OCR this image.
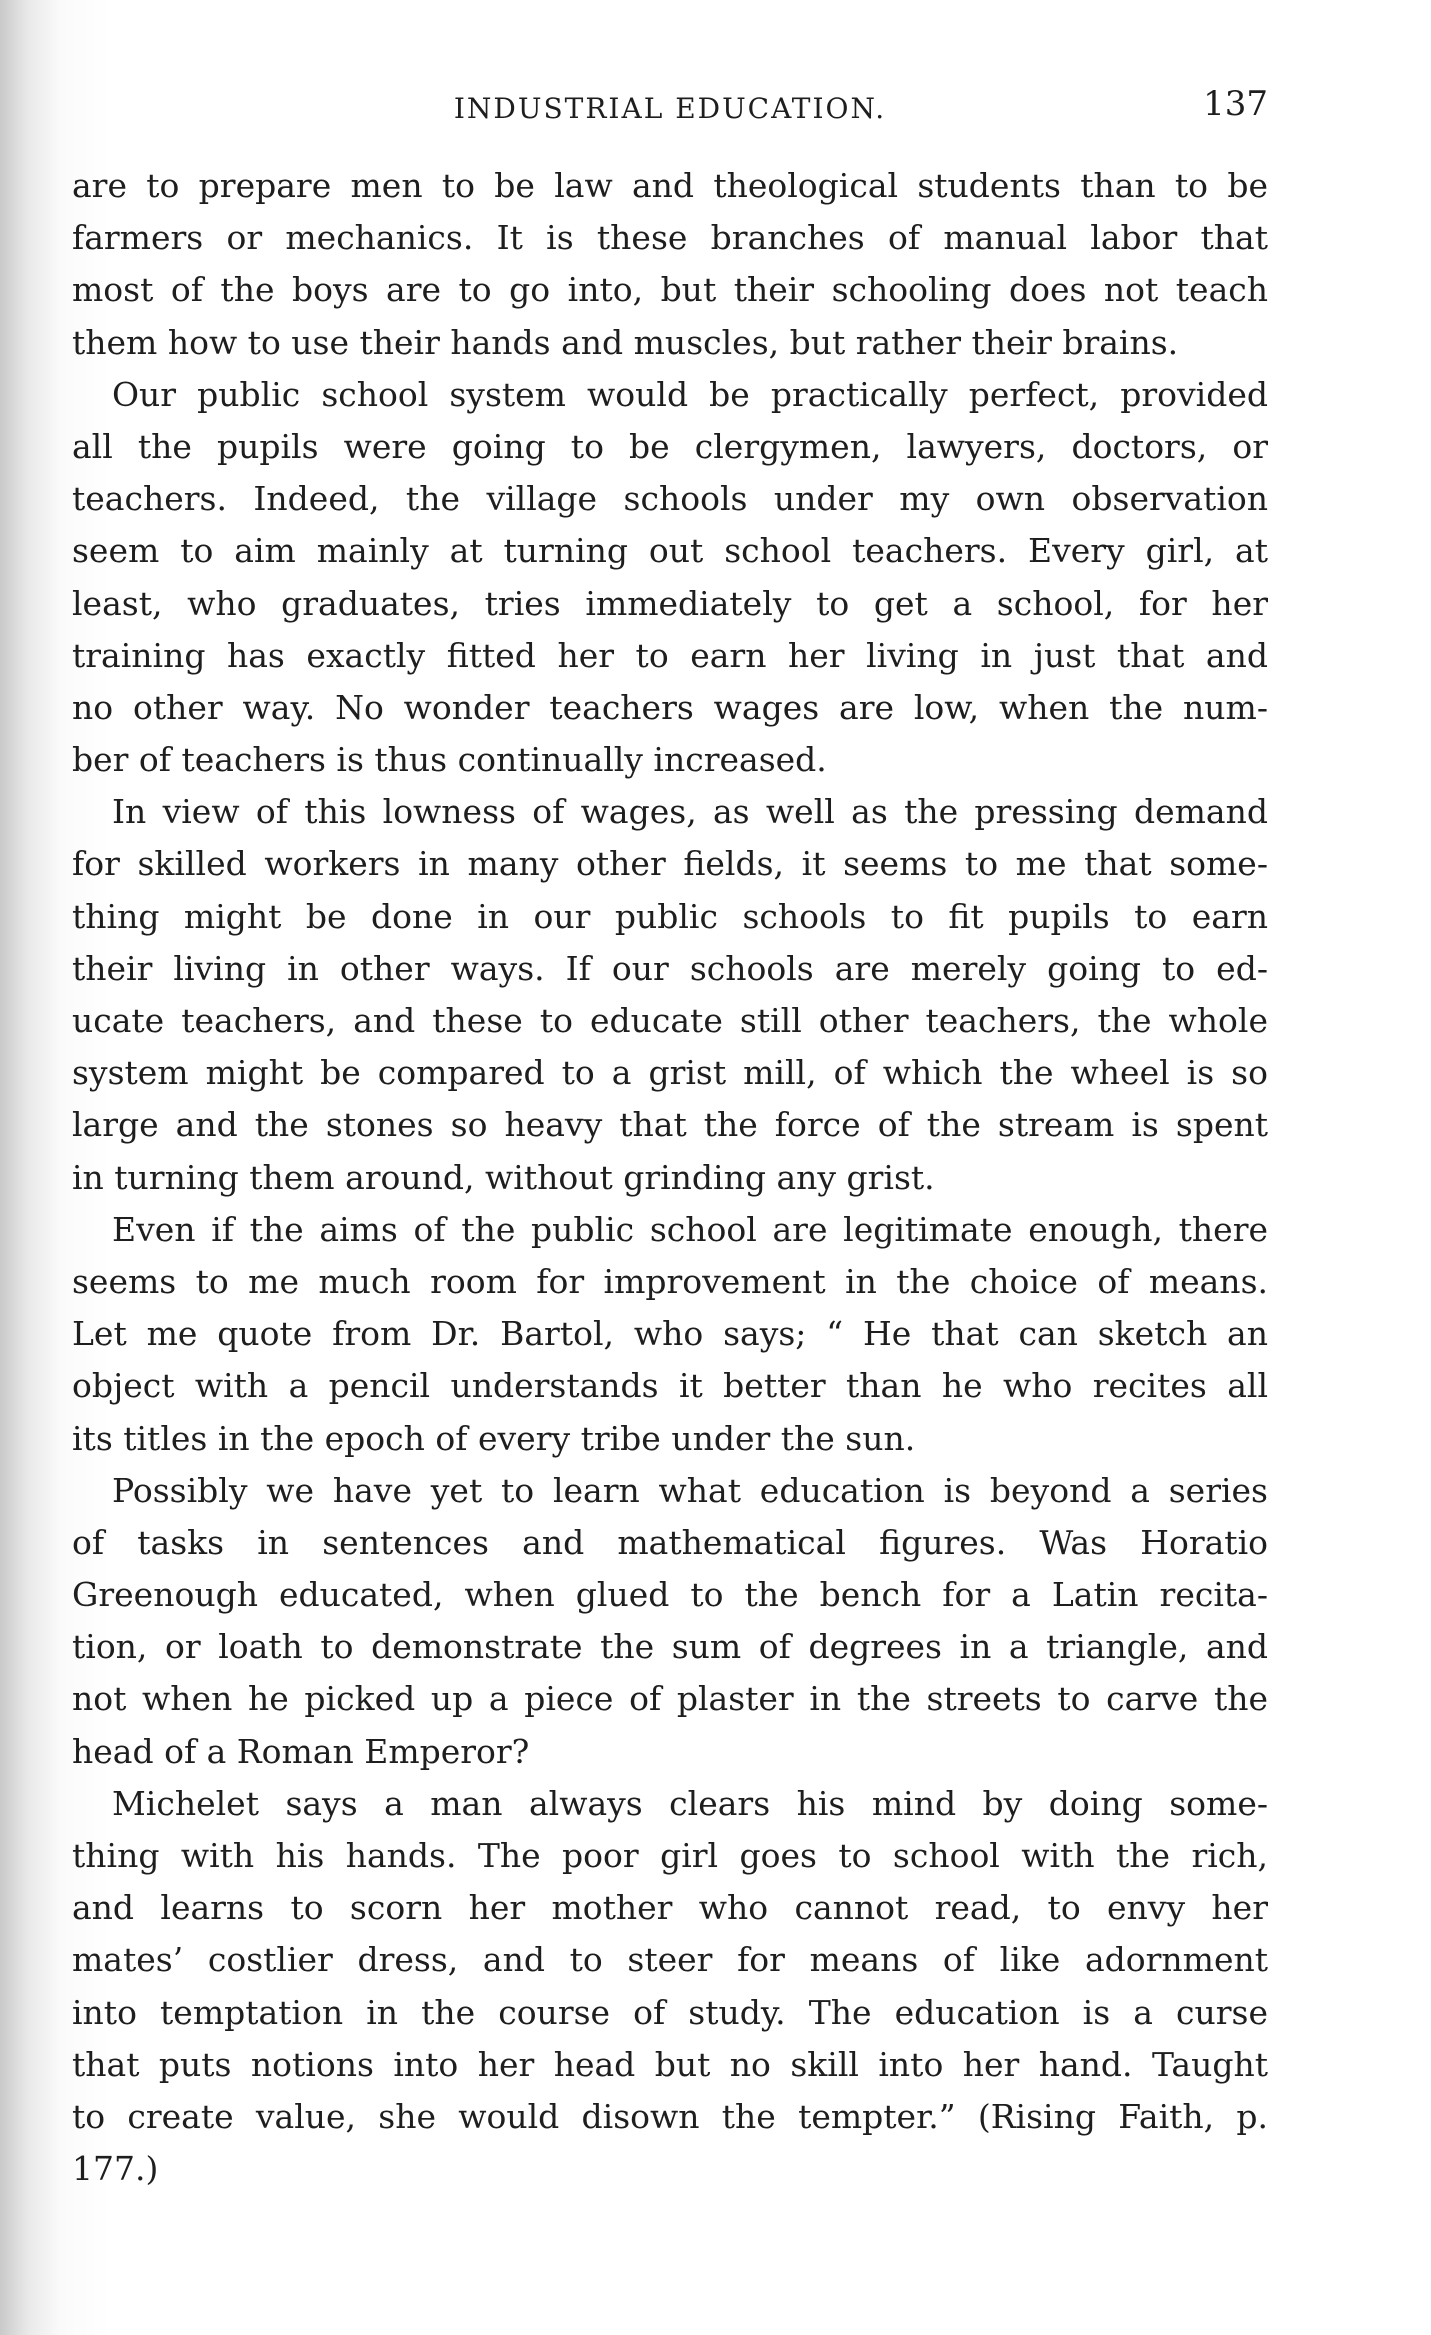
INDUSTRIAL EDUCATION.	137
are to prepare men to be law and theological students than to be
farmers or mechanics. It is these branches of manual labor that
most of the boys are to go into, but their schooling does not teach
them how to use their hands and muscles, but rather their brains.
Our public school system would be practically perfect, provided
all the pupils were going to be clergymen, lawyers, doctors, or
teachers. Indeed, the village schools under my own observation
seem to aim mainly at turning out school teachers. Every girl, at
least, who graduates, tries immediately to get a school, for her
training has exactly fitted her to earn her living in just that and
no other way. No wonder teachers wages are low, when the num-
ber of teachers is thus continually increased.
In view of this lowness of wages, as well as the pressing demand
for skilled workers in many other fields, it seems to me that some-
thing might be done in our public schools to fit pupils to earn
their living in other ways. If our schools are merely going to ed-
ucate teachers, and these to educate still other teachers, the whole
system might be compared to a grist mill, of which the wheel is so
large and the stones so heavy that the force of the stream is spent
in turning them around, without grinding any grist.
Even if the aims of the public school are legitimate enough, there
seems to me much room for improvement in the choice of means.
Let me quote from Dr. Bartol, who says; “ He that can sketch an
object with a pencil understands it better than he who recites all
its titles in the epoch of every tribe under the sun.
Possibly we have yet to learn what education is beyond a series
of tasks in sentences and mathematical figures. Was Horatio
Greenough educated, when glued to the bench for a Latin recita-
tion, or loath to demonstrate the sum of degrees in a triangle, and
not when he picked up a piece of plaster in the streets to carve the
head of a Roman Emperor?
Michelet says a man always clears his mind by doing some-
thing with his hands. The poor girl goes to school with the rich,
and learns to scorn her mother who cannot read, to envy her
mates’ costlier dress, and to steer for means of like adornment
into temptation in the course of study. The education is a curse
that puts notions into her head but no skill into her hand. Taught
to create value, she would disown the tempter.” (Rising Faith, p.
177.)
